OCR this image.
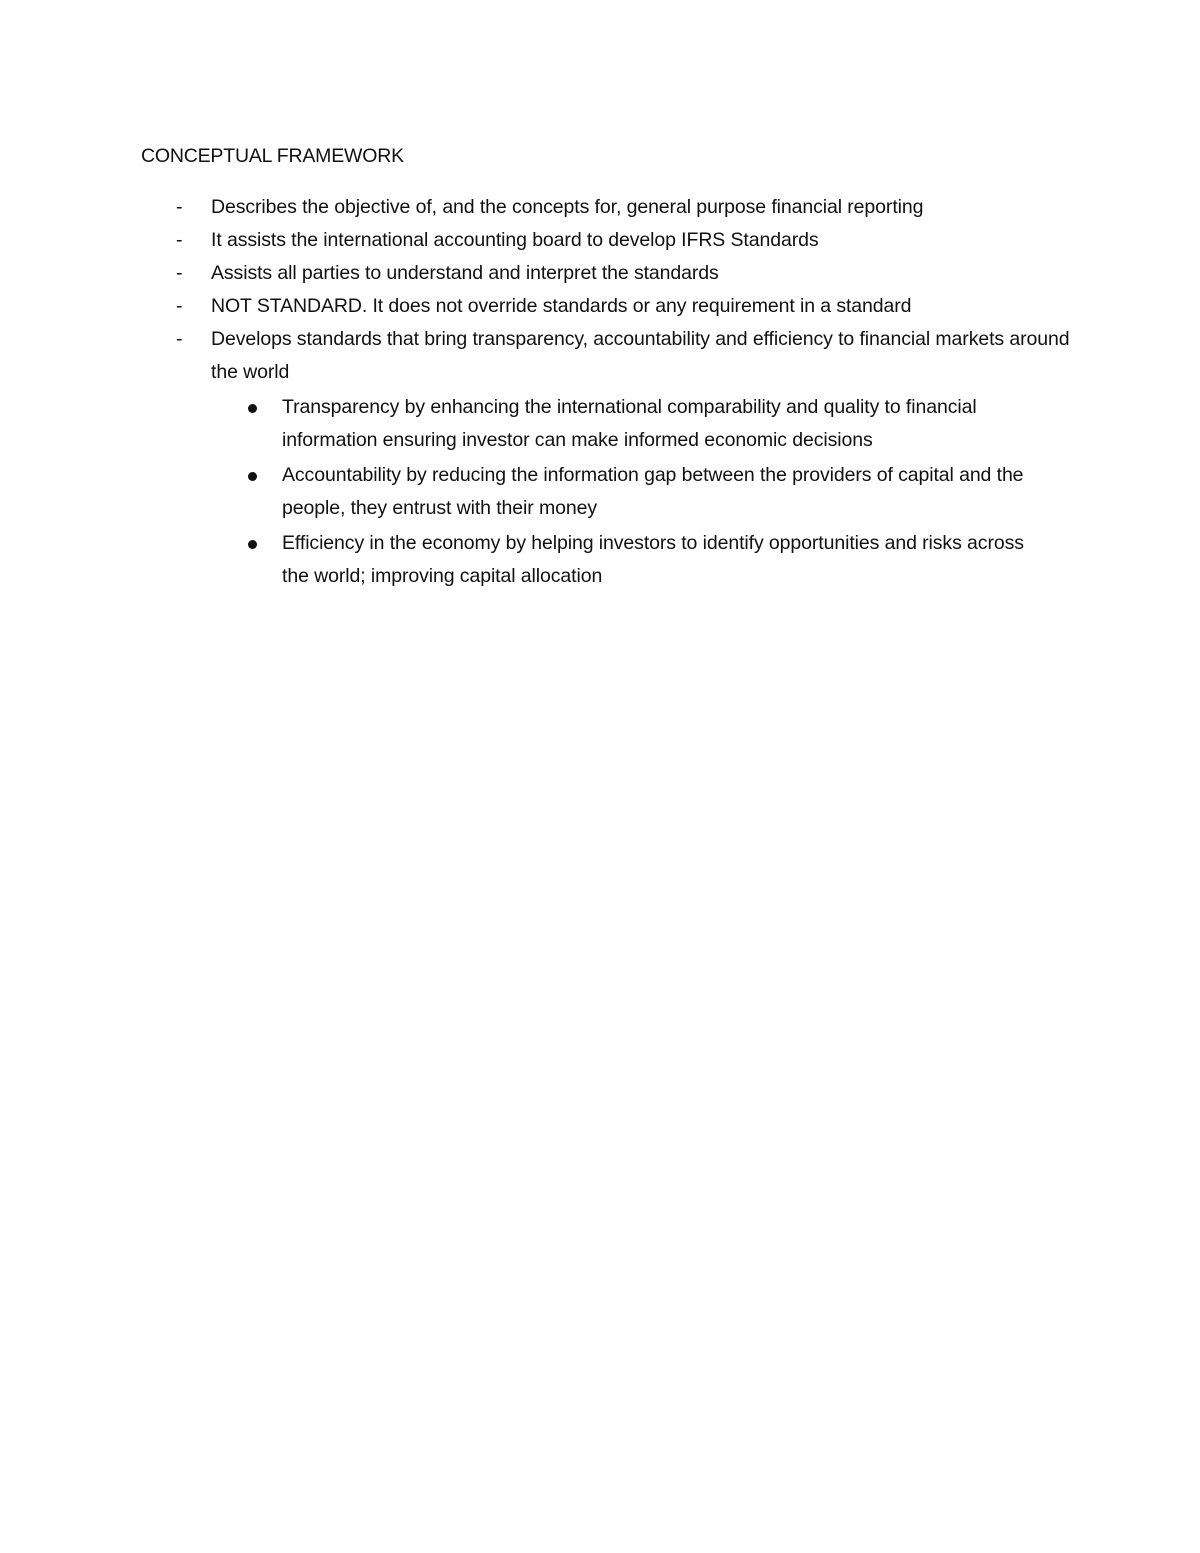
CONCEPTUAL FRAMEWORK
-	Describes the objective of, and the concepts for, general purpose financial reporting
-	It assists the international accounting board to develop IFRS Standards
-	Assists all parties to understand and interpret the standards
-	NOT STANDARD. It does not override standards or any requirement in a standard
-	Develops standards that bring transparency, accountability and efficiency to financial markets around the world
Transparency by enhancing the international comparability and quality to financial information ensuring investor can make informed economic decisions
Accountability by reducing the information gap between the providers of capital and the people, they entrust with their money
Efficiency in the economy by helping investors to identify opportunities and risks across the world; improving capital allocation
